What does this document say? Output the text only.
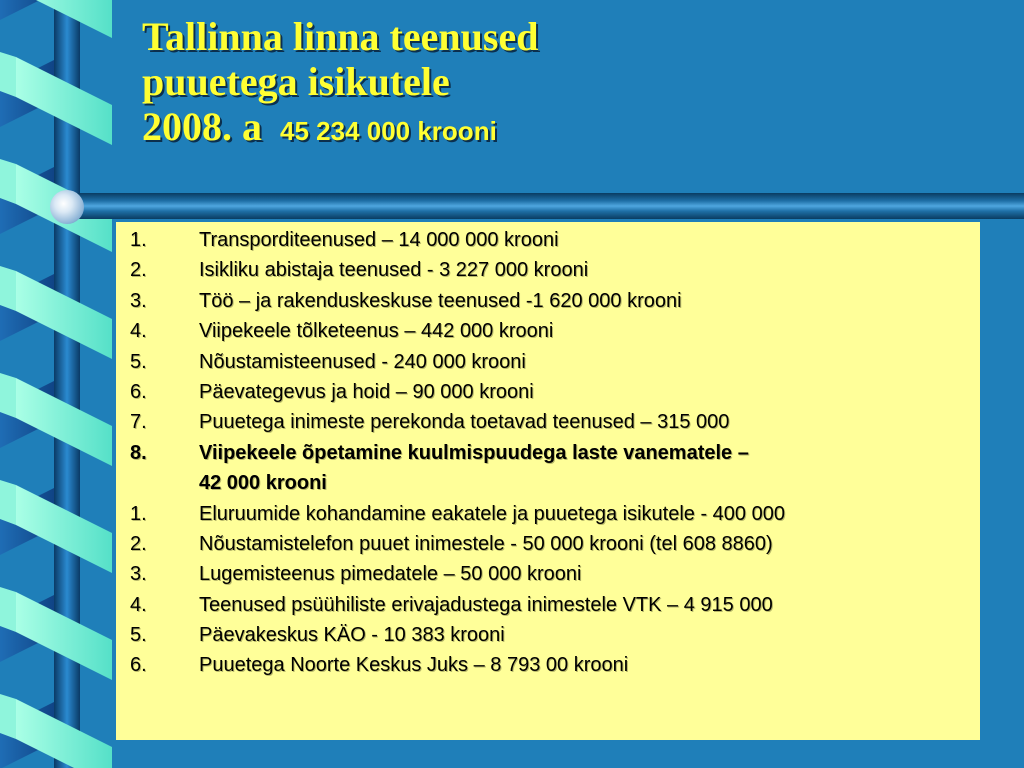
Tallinna linna teenused
puuetega isikutele
2008. a 45 234 000 krooni
1.	Transporditeenused – 14 000 000 krooni
2.	Isikliku abistaja teenused - 3 227 000 krooni
3.	Töö – ja rakenduskeskuse teenused -1 620 000 krooni
4.	Viipekeele tõlketeenus – 442 000 krooni
5.	Nõustamisteenused - 240 000 krooni
6.	Päevategevus ja hoid – 90 000 krooni
7.	Puuetega inimeste perekonda toetavad teenused – 315 000
8.	Viipekeele õpetamine kuulmispuudega laste vanematele –
42 000 krooni
1.	Eluruumide kohandamine eakatele ja puuetega isikutele - 400 000
2.	Nõustamistelefon puuet inimestele - 50 000 krooni (tel 608 8860)
3.	Lugemisteenus pimedatele – 50 000 krooni
4.	Teenused psüühiliste erivajadustega inimestele VTK – 4 915 000
5.	Päevakeskus KÄO - 10 383 krooni
6.	Puuetega Noorte Keskus Juks – 8 793 00 krooni
